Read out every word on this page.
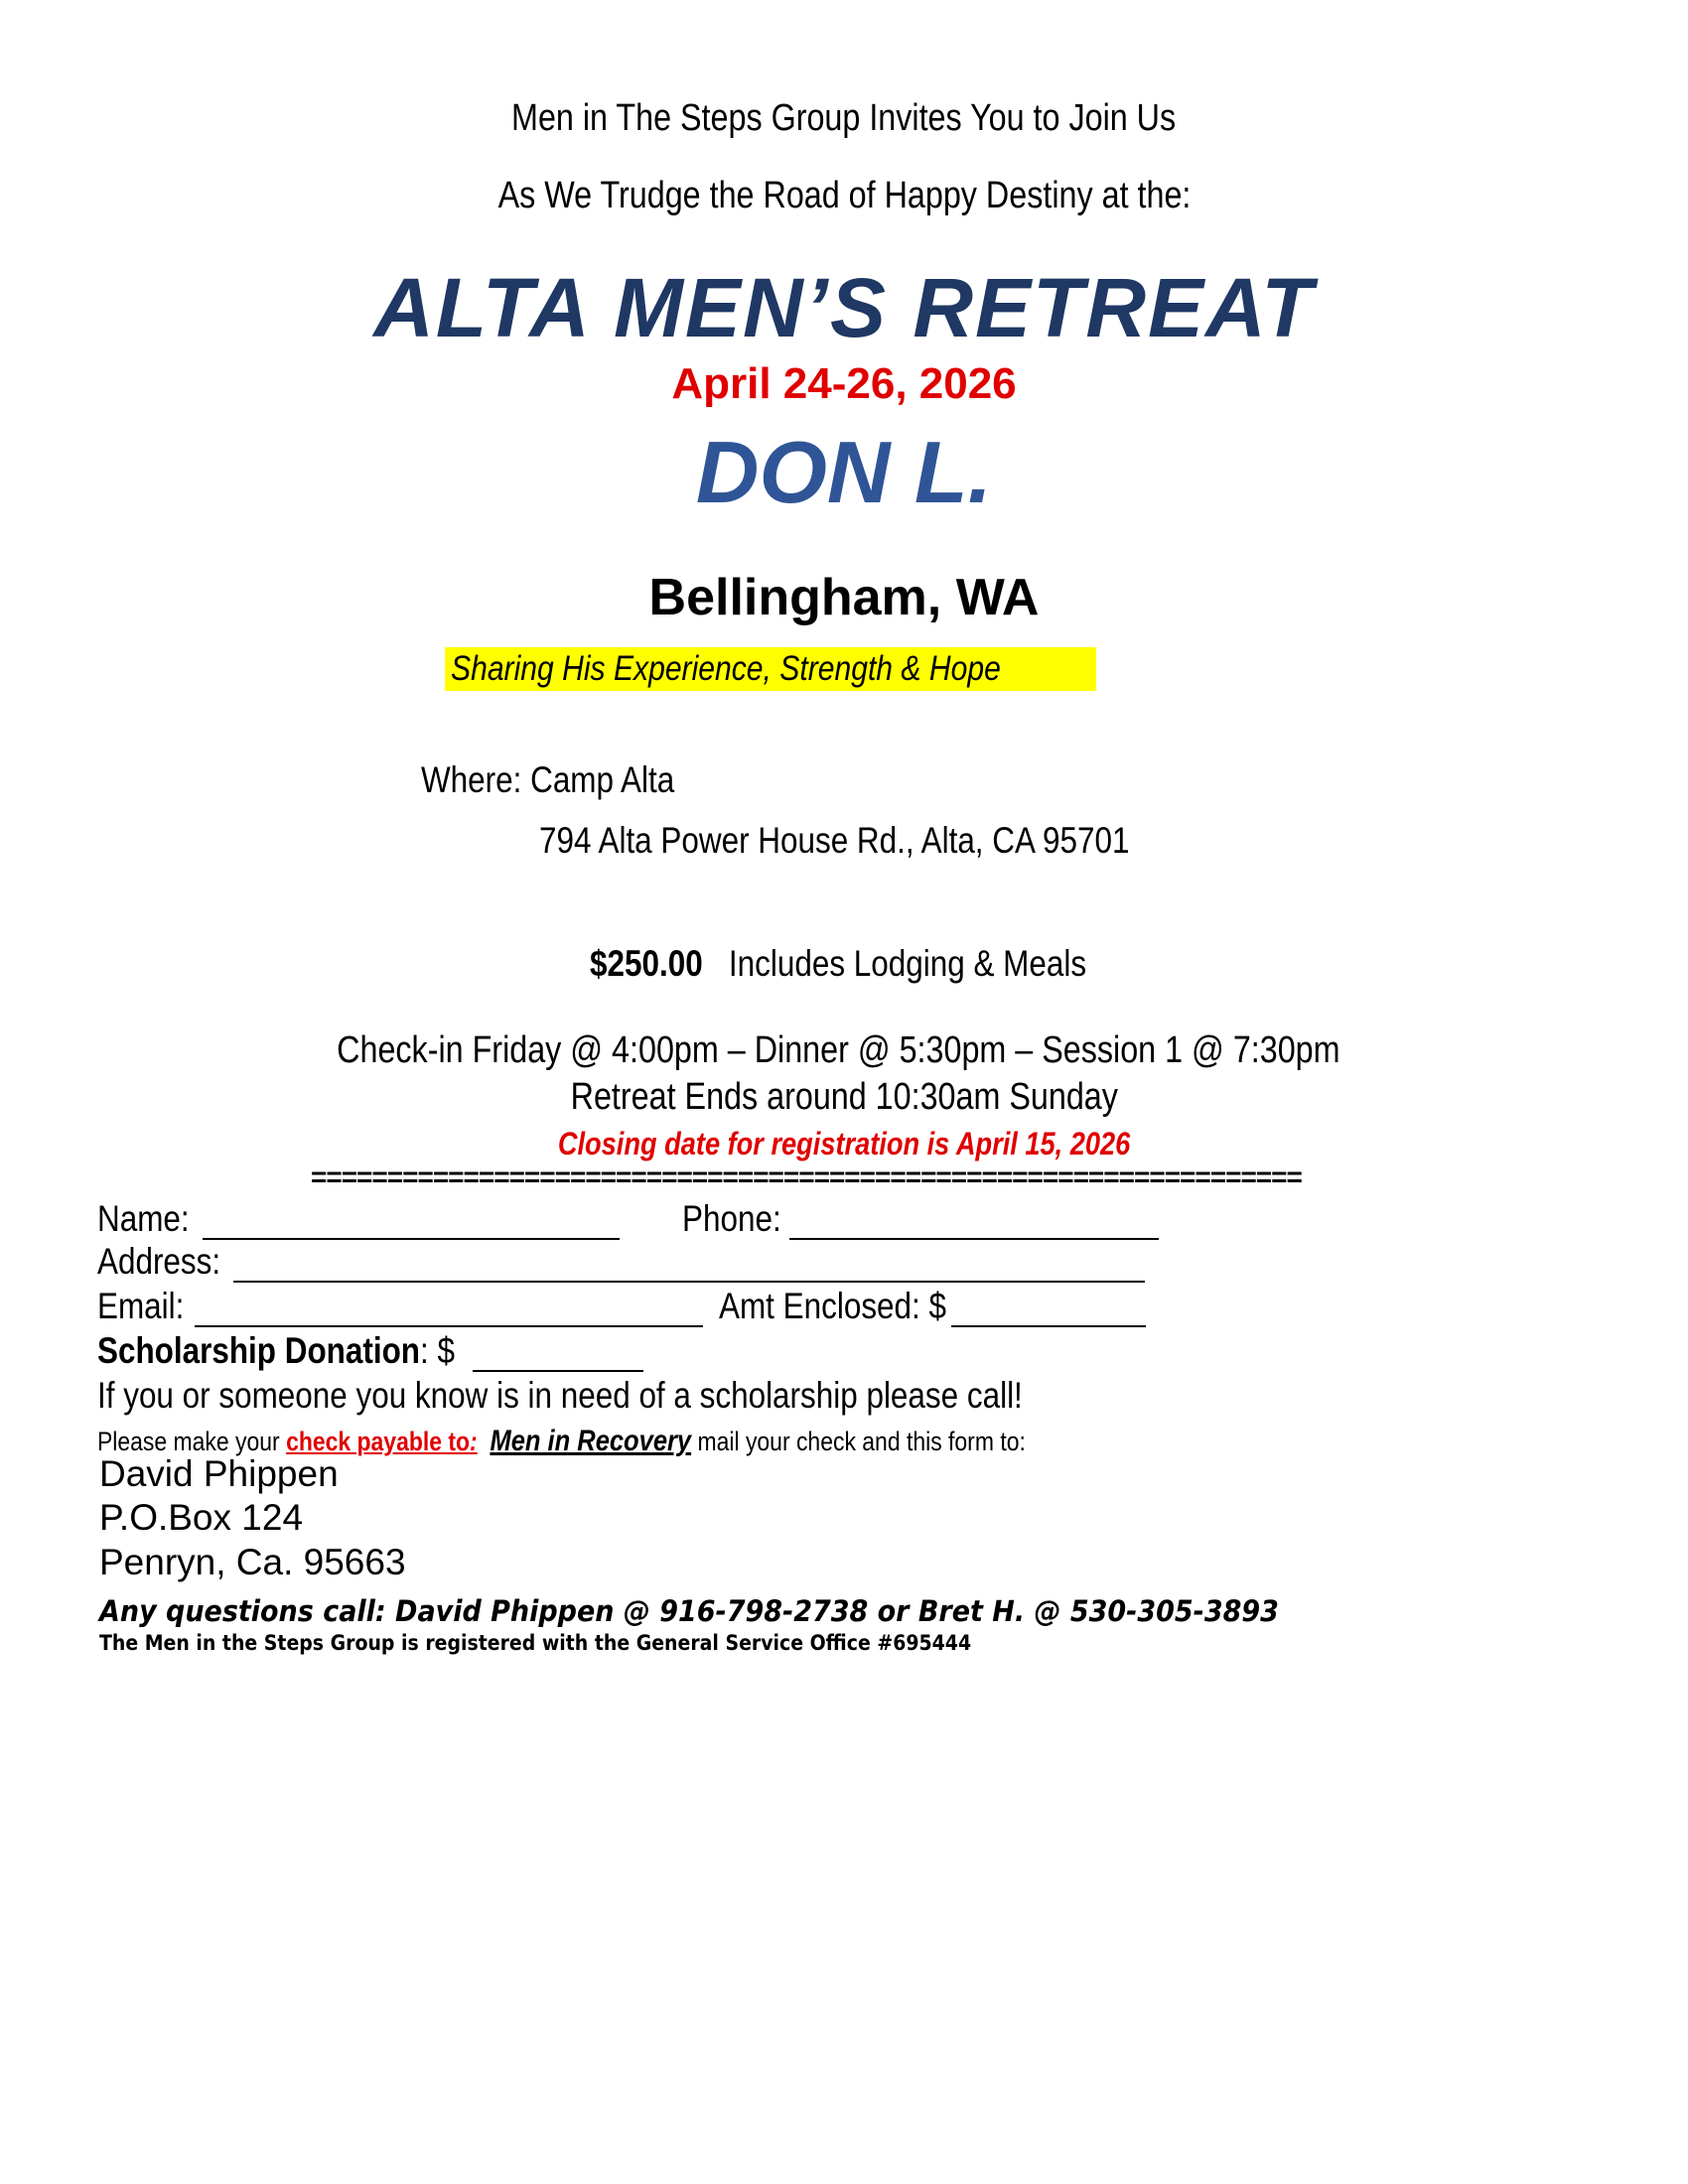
Men in The Steps Group Invites You to Join Us
As We Trudge the Road of Happy Destiny at the:
ALTA MEN’S RETREAT
April 24-26, 2026
DON L.
Bellingham, WA
Sharing His Experience, Strength & Hope
Where: Camp Alta
794 Alta Power House Rd., Alta, CA 95701
$250.00 Includes Lodging & Meals
Check-in Friday @ 4:00pm – Dinner @ 5:30pm – Session 1 @ 7:30pm
Retreat Ends around 10:30am Sunday
Closing date for registration is April 15, 2026
=================================================================
Name:	Phone:
Address:
Email:	Amt Enclosed: $
Scholarship Donation: $
If you or someone you know is in need of a scholarship please call!
Please make your check payable to: Men in Recovery mail your check and this form to:
David Phippen
P.O.Box 124
Penryn, Ca. 95663
Any questions call: David Phippen @ 916-798-2738 or Bret H. @ 530-305-3893
The Men in the Steps Group is registered with the General Service Office #695444
